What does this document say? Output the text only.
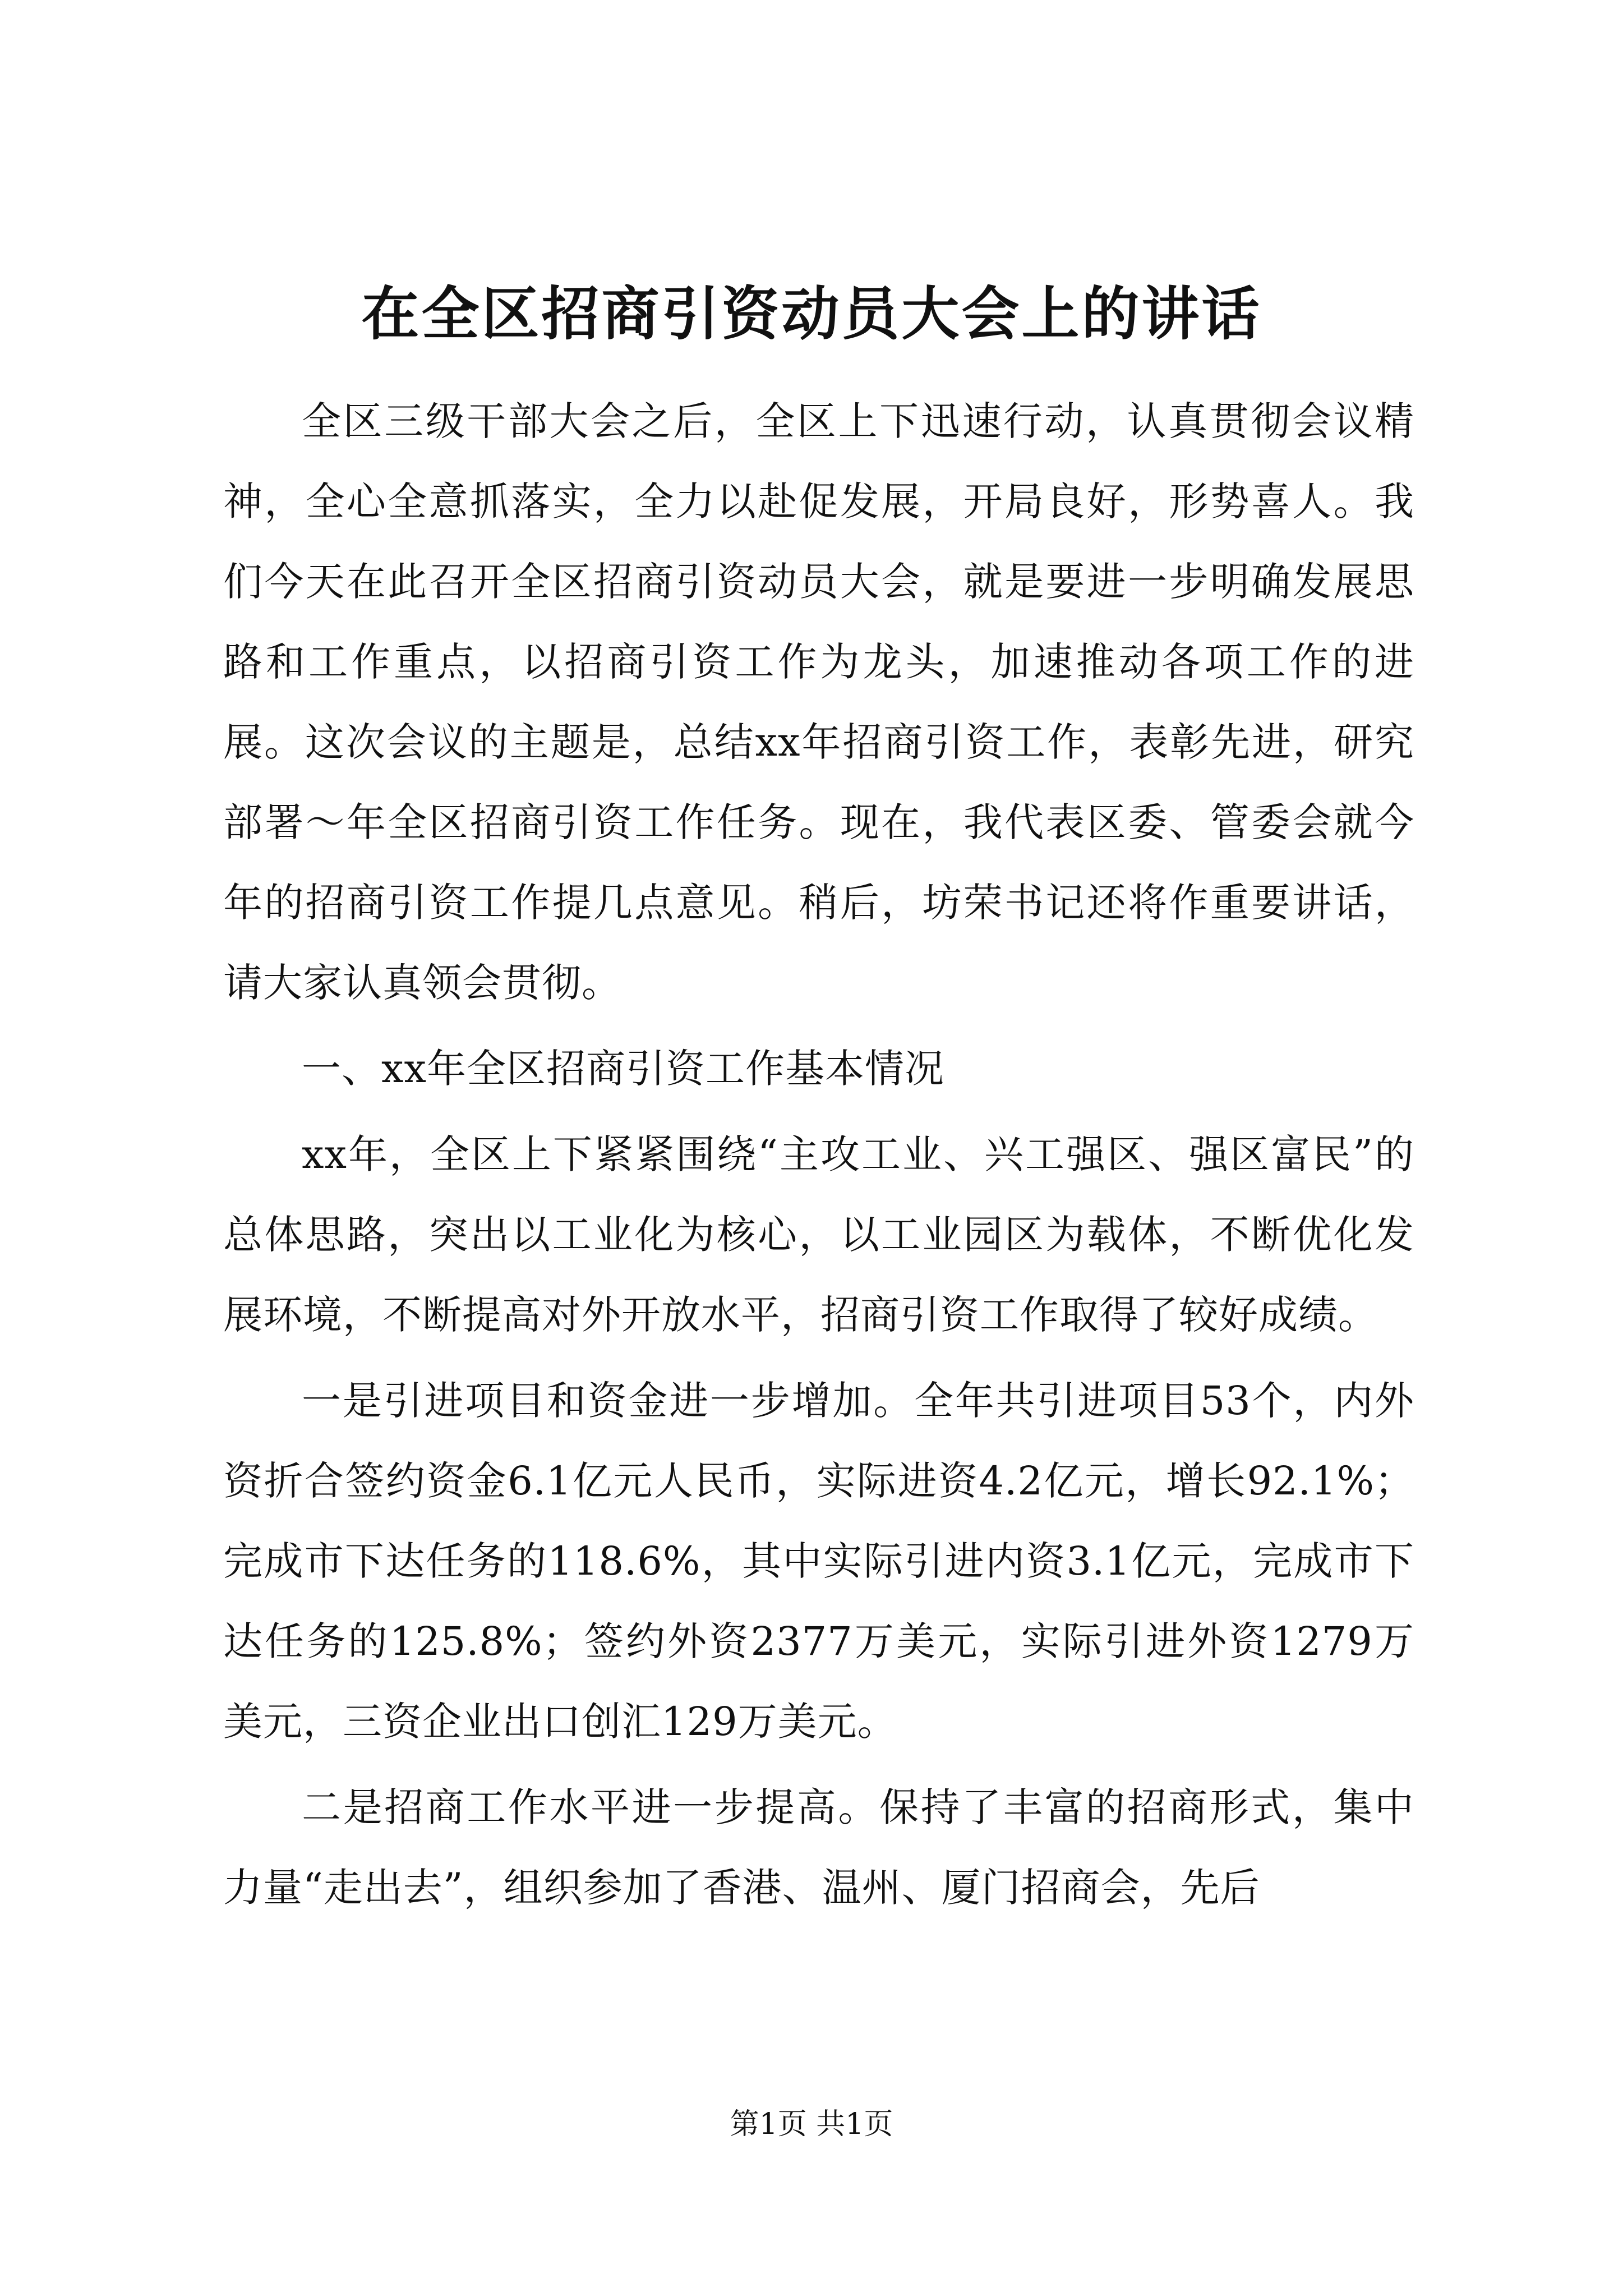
在全区招商引资动员大会上的讲话

全区三级干部大会之后，全区上下迅速行动，认真贯彻会议精神，全心全意抓落实，全力以赴促发展，开局良好，形势喜人。我们今天在此召开全区招商引资动员大会，就是要进一步明确发展思路和工作重点，以招商引资工作为龙头，加速推动各项工作的进展。这次会议的主题是，总结xx年招商引资工作，表彰先进，研究部署～年全区招商引资工作任务。现在，我代表区委、管委会就今年的招商引资工作提几点意见。稍后，坊荣书记还将作重要讲话，请大家认真领会贯彻。

一、xx年全区招商引资工作基本情况

xx年，全区上下紧紧围绕“主攻工业、兴工强区、强区富民”的总体思路，突出以工业化为核心，以工业园区为载体，不断优化发展环境，不断提高对外开放水平，招商引资工作取得了较好成绩。

一是引进项目和资金进一步增加。全年共引进项目53个，内外资折合签约资金6.1亿元人民币，实际进资4.2亿元，增长92.1%；完成市下达任务的118.6%，其中实际引进内资3.1亿元，完成市下达任务的125.8%；签约外资2377万美元，实际引进外资1279万美元，三资企业出口创汇129万美元。

二是招商工作水平进一步提高。保持了丰富的招商形式，集中力量“走出去”，组织参加了香港、温州、厦门招商会，先后

第1页 共1页
